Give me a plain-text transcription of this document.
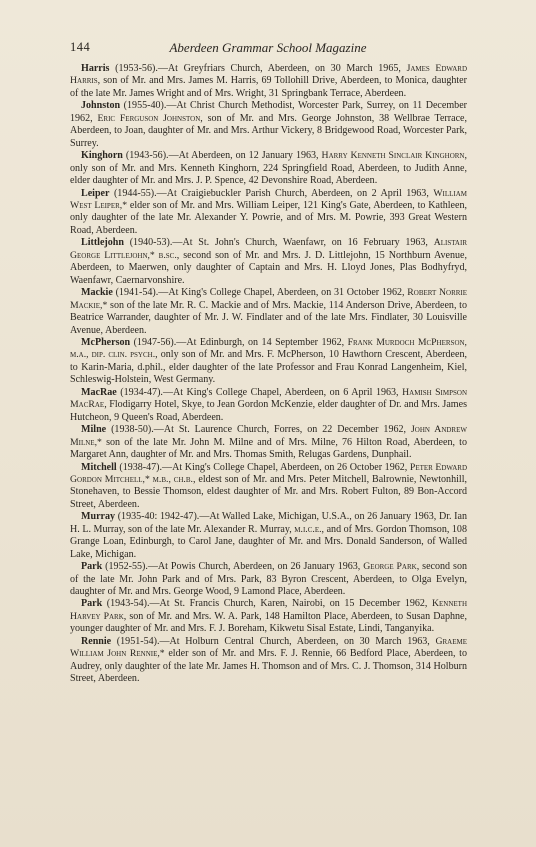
144	Aberdeen Grammar School Magazine

Harris (1953-56).—At Greyfriars Church, Aberdeen, on 30 March 1965, James Edward Harris, son of Mr. and Mrs. James M. Harris, 69 Tollohill Drive, Aberdeen, to Monica, daughter of the late Mr. James Wright and of Mrs. Wright, 31 Springbank Terrace, Aberdeen.

Johnston (1955-40).—At Christ Church Methodist, Worcester Park, Surrey, on 11 December 1962, Eric Ferguson Johnston, son of Mr. and Mrs. George Johnston, 38 Wellbrae Terrace, Aberdeen, to Joan, daughter of Mr. and Mrs. Arthur Vickery, 8 Bridgewood Road, Worcester Park, Surrey.

Kinghorn (1943-56).—At Aberdeen, on 12 January 1963, Harry Kenneth Sinclair Kinghorn, only son of Mr. and Mrs. Kenneth Kinghorn, 224 Springfield Road, Aberdeen, to Judith Anne, elder daughter of Mr. and Mrs. J. P. Spence, 42 Devonshire Road, Aberdeen.

Leiper (1944-55).—At Craigiebuckler Parish Church, Aberdeen, on 2 April 1963, William West Leiper,* elder son of Mr. and Mrs. William Leiper, 121 King's Gate, Aberdeen, to Kathleen, only daughter of the late Mr. Alexander Y. Powrie, and of Mrs. M. Powrie, 393 Great Western Road, Aberdeen.

Littlejohn (1940-53).—At St. John's Church, Waenfawr, on 16 February 1963, Alistair George Littlejohn,* b.sc., second son of Mr. and Mrs. J. D. Littlejohn, 15 Northburn Avenue, Aberdeen, to Maerwen, only daughter of Captain and Mrs. H. Lloyd Jones, Plas Bodhyfryd, Waenfawr, Caernarvonshire.

Mackie (1941-54).—At King's College Chapel, Aberdeen, on 31 October 1962, Robert Norrie Mackie,* son of the late Mr. R. C. Mackie and of Mrs. Mackie, 114 Anderson Drive, Aberdeen, to Beatrice Warrander, daughter of Mr. J. W. Findlater and of the late Mrs. Findlater, 30 Louisville Avenue, Aberdeen.

McPherson (1947-56).—At Edinburgh, on 14 September 1962, Frank Murdoch McPherson, m.a., dip. clin. psych., only son of Mr. and Mrs. F. McPherson, 10 Hawthorn Crescent, Aberdeen, to Karin-Maria, d.phil., elder daughter of the late Professor and Frau Konrad Langenheim, Kiel, Schleswig-Holstein, West Germany.

MacRae (1934-47).—At King's College Chapel, Aberdeen, on 6 April 1963, Hamish Simpson MacRae, Flodigarry Hotel, Skye, to Jean Gordon McKenzie, elder daughter of Dr. and Mrs. James Hutcheon, 9 Queen's Road, Aberdeen.

Milne (1938-50).—At St. Laurence Church, Forres, on 22 December 1962, John Andrew Milne,* son of the late Mr. John M. Milne and of Mrs. Milne, 76 Hilton Road, Aberdeen, to Margaret Ann, daughter of Mr. and Mrs. Thomas Smith, Relugas Gardens, Dunphail.

Mitchell (1938-47).—At King's College Chapel, Aberdeen, on 26 October 1962, Peter Edward Gordon Mitchell,* m.b., ch.b., eldest son of Mr. and Mrs. Peter Mitchell, Balrownie, Newtonhill, Stonehaven, to Bessie Thomson, eldest daughter of Mr. and Mrs. Robert Fulton, 89 Bon-Accord Street, Aberdeen.

Murray (1935-40: 1942-47).—At Walled Lake, Michigan, U.S.A., on 26 January 1963, Dr. Ian H. L. Murray, son of the late Mr. Alexander R. Murray, m.i.c.e., and of Mrs. Gordon Thomson, 108 Grange Loan, Edinburgh, to Carol Jane, daughter of Mr. and Mrs. Donald Sanderson, of Walled Lake, Michigan.

Park (1952-55).—At Powis Church, Aberdeen, on 26 January 1963, George Park, second son of the late Mr. John Park and of Mrs. Park, 83 Byron Crescent, Aberdeen, to Olga Evelyn, daughter of Mr. and Mrs. George Wood, 9 Lamond Place, Aberdeen.

Park (1943-54).—At St. Francis Church, Karen, Nairobi, on 15 December 1962, Kenneth Harvey Park, son of Mr. and Mrs. W. A. Park, 148 Hamilton Place, Aberdeen, to Susan Daphne, younger daughter of Mr. and Mrs. F. J. Boreham, Kikwetu Sisal Estate, Lindi, Tanganyika.

Rennie (1951-54).—At Holburn Central Church, Aberdeen, on 30 March 1963, Graeme William John Rennie,* elder son of Mr. and Mrs. F. J. Rennie, 66 Bedford Place, Aberdeen, to Audrey, only daughter of the late Mr. James H. Thomson and of Mrs. C. J. Thomson, 314 Holburn Street, Aberdeen.
